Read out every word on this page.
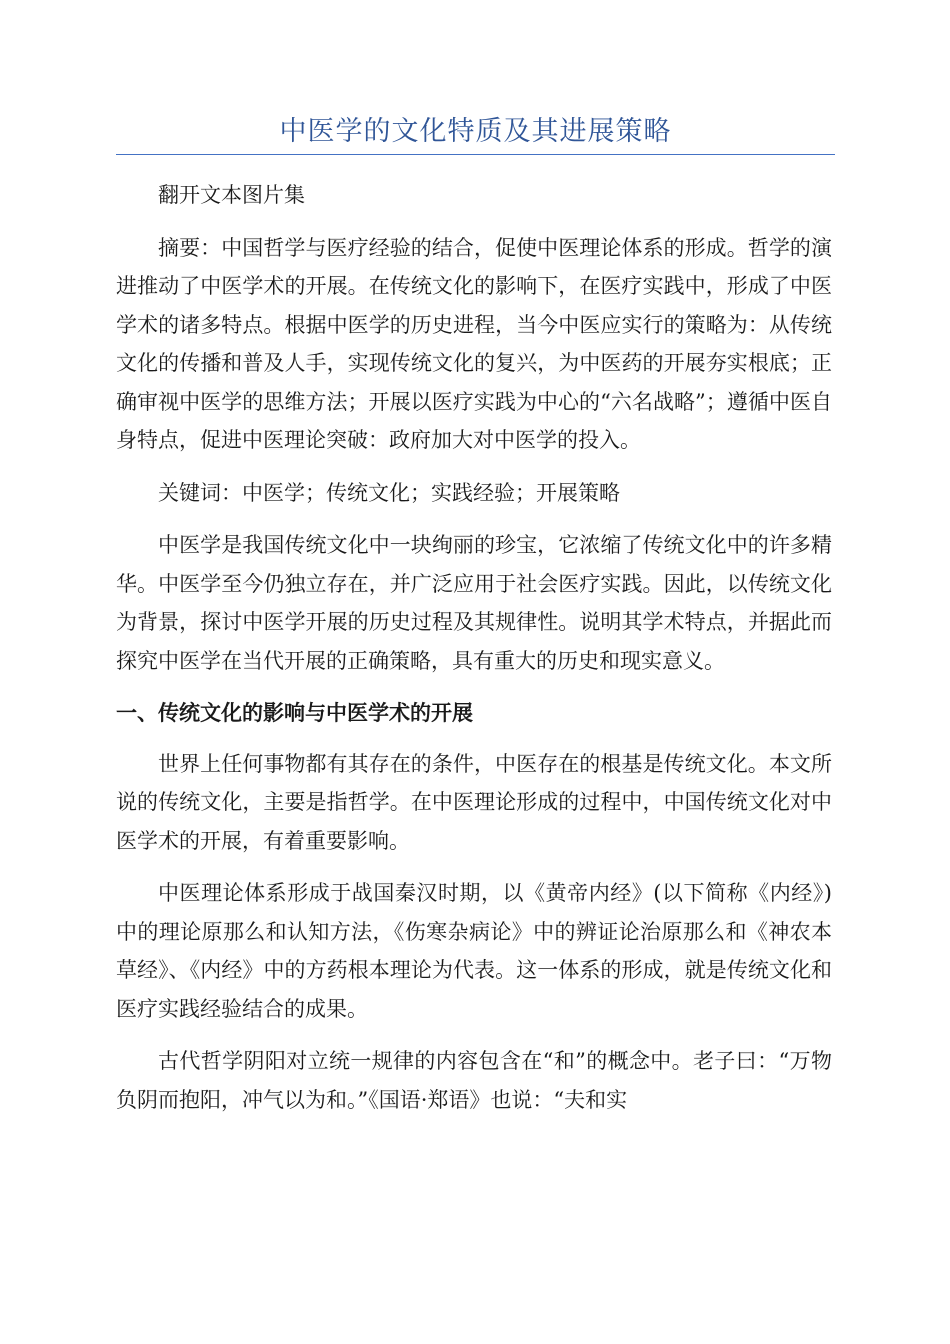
中医学的文化特质及其进展策略

翻开文本图片集

摘要：中国哲学与医疗经验的结合，促使中医理论体系的形成。哲学的演进推动了中医学术的开展。在传统文化的影响下，在医疗实践中，形成了中医学术的诸多特点。根据中医学的历史进程，当今中医应实行的策略为：从传统文化的传播和普及人手，实现传统文化的复兴，为中医药的开展夯实根底；正确审视中医学的思维方法；开展以医疗实践为中心的“六名战略”；遵循中医自身特点，促进中医理论突破：政府加大对中医学的投入。

关键词：中医学；传统文化；实践经验；开展策略

中医学是我国传统文化中一块绚丽的珍宝，它浓缩了传统文化中的许多精华。中医学至今仍独立存在，并广泛应用于社会医疗实践。因此，以传统文化为背景，探讨中医学开展的历史过程及其规律性。说明其学术特点，并据此而探究中医学在当代开展的正确策略，具有重大的历史和现实意义。

一、传统文化的影响与中医学术的开展

世界上任何事物都有其存在的条件，中医存在的根基是传统文化。本文所说的传统文化，主要是指哲学。在中医理论形成的过程中，中国传统文化对中医学术的开展，有着重要影响。

中医理论体系形成于战国秦汉时期，以《黄帝内经》(以下简称《内经》)中的理论原那么和认知方法，《伤寒杂病论》中的辨证论治原那么和《神农本草经》、《内经》中的方药根本理论为代表。这一体系的形成，就是传统文化和医疗实践经验结合的成果。

古代哲学阴阳对立统一规律的内容包含在“和”的概念中。老子曰：“万物负阴而抱阳，冲气以为和。”《国语·郑语》也说：“夫和实
